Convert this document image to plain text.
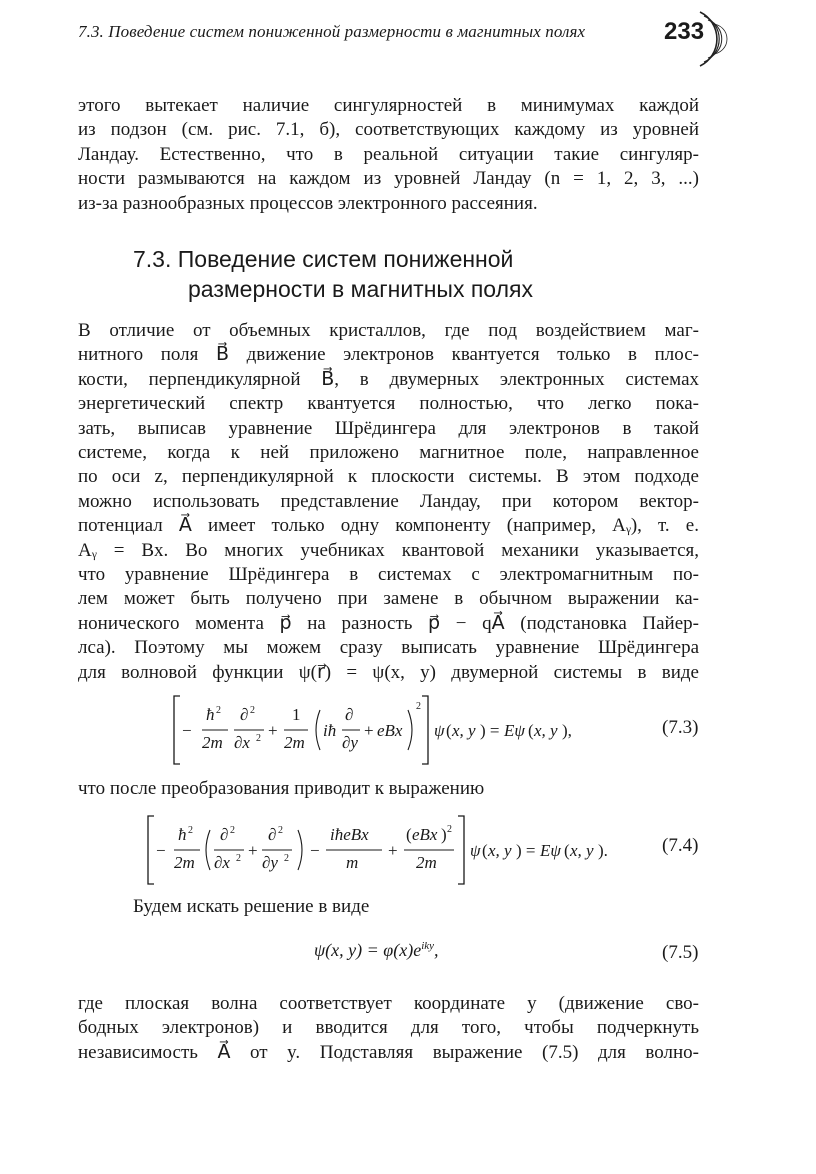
7.3. Поведение систем пониженной размерности в магнитных полях	233

этого вытекает наличие сингулярностей в минимумах каждой
из подзон (см. рис. 7.1, б), соответствующих каждому из уровней
Ландау. Естественно, что в реальной ситуации такие сингуляр-
ности размываются на каждом из уровней Ландау (n = 1, 2, 3, ...)
из-за разнообразных процессов электронного рассеяния.

7.3. Поведение систем пониженной
размерности в магнитных полях

В отличие от объемных кристаллов, где под воздействием маг-
нитного поля B⃗ движение электронов квантуется только в плос-
кости, перпендикулярной B⃗, в двумерных электронных системах
энергетический спектр квантуется полностью, что легко пока-
зать, выписав уравнение Шрёдингера для электронов в такой
системе, когда к ней приложено магнитное поле, направленное
по оси z, перпендикулярной к плоскости системы. В этом подходе
можно использовать представление Ландау, при котором вектор-
потенциал A⃗ имеет только одну компоненту (например, Aᵧ), т. е.
Aᵧ = Bx. Во многих учебниках квантовой механики указывается,
что уравнение Шрёдингера в системах с электромагнитным по-
лем может быть получено при замене в обычном выражении ка-
нонического момента p⃗ на разность p⃗ − qA⃗ (подстановка Пайер-
лса). Поэтому мы можем сразу выписать уравнение Шрёдингера
для волновой функции ψ(r⃗) = ψ(x, y) двумерной системы в виде

−
ħ 2
2m
∂ 2
∂x 2 +
1
2m
iħ
∂
∂y
+ eBx
2
ψ ( x, y ) = Eψ ( x, y ),	(7.3)
что после преобразования приводит к выражению
−
ħ 2
2m
∂ 2
∂x 2 +
∂ 2
∂y 2 −
iħeBx
m
+
( eBx ) 2
2m
ψ ( x, y ) = Eψ ( x, y ).	(7.4)
Будем искать решение в виде
ψ(x, $y) = \varphi(x)e^{iky}$,	(7.5)

где плоская волна соответствует координате y (движение сво-
бодных электронов) и вводится для того, чтобы подчеркнуть
независимость A⃗ от y. Подставляя выражение (7.5) для волно-
